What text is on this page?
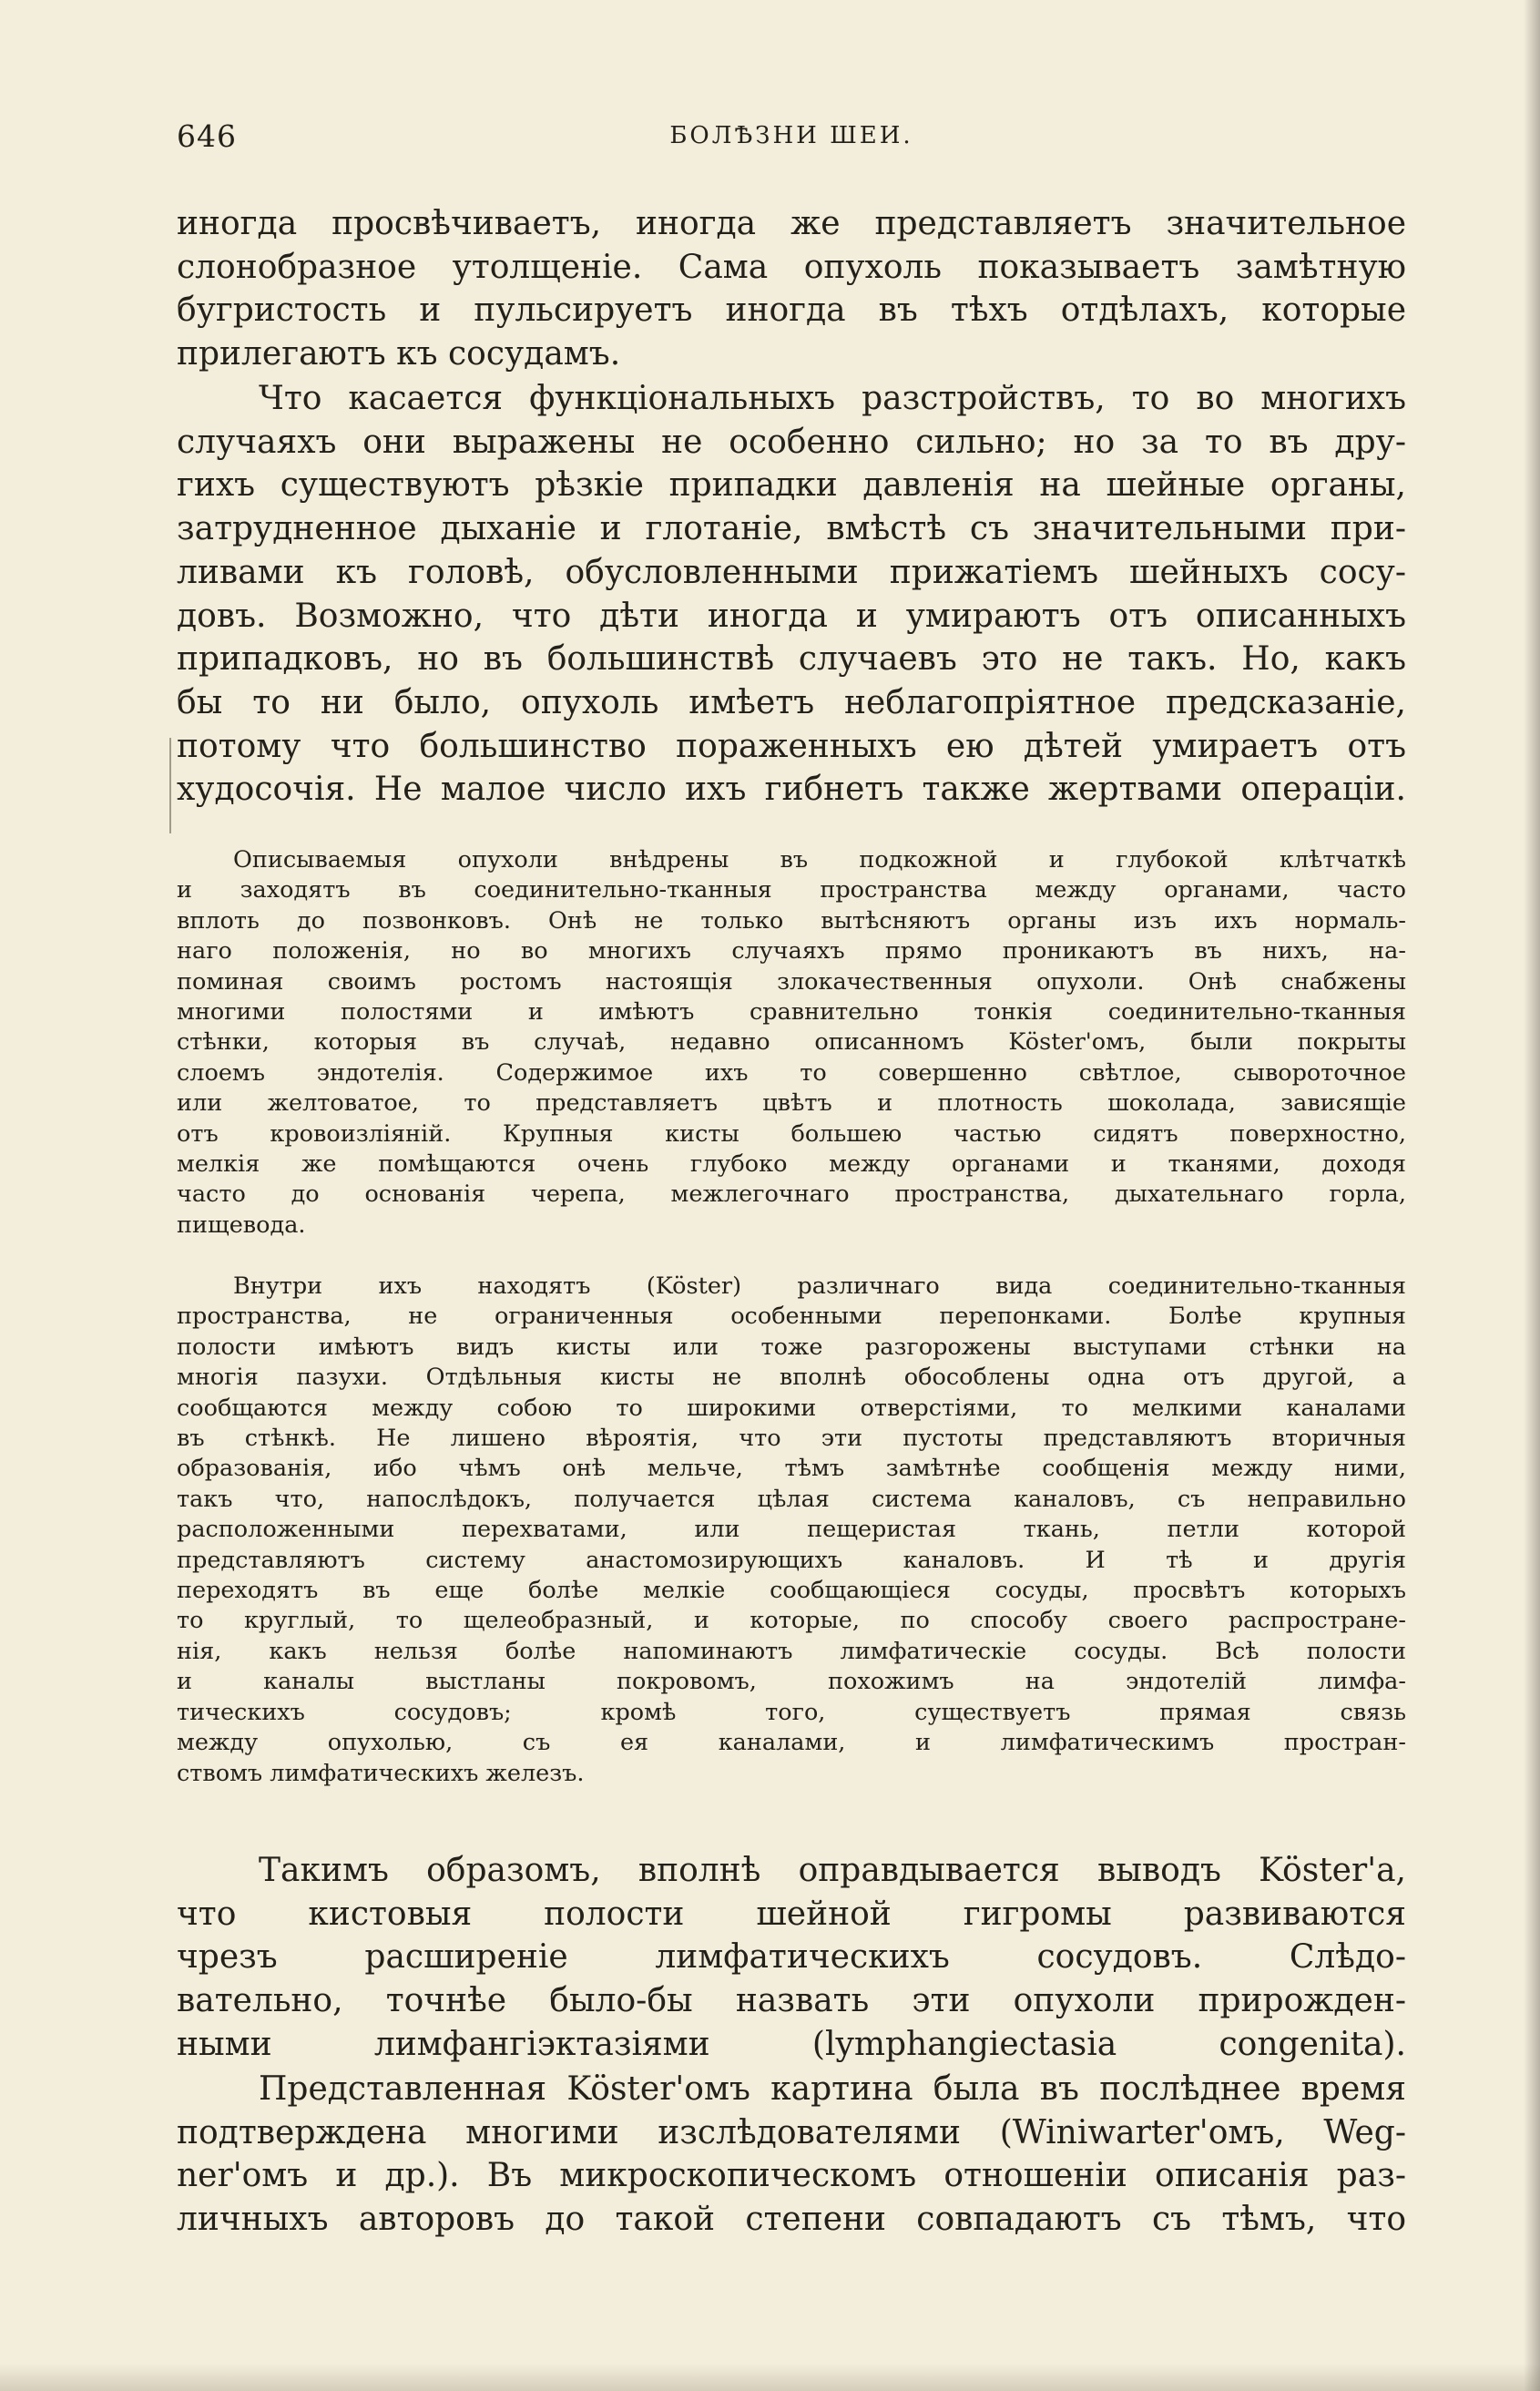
646	БОЛѢЗНИ ШЕИ.
иногда просвѣчиваетъ, иногда же представляетъ значительное
слонобразное утолщеніе. Сама опухоль показываетъ замѣтную
бугристость и пульсируетъ иногда въ тѣхъ отдѣлахъ, которые
прилегаютъ къ сосудамъ.
Что касается функціональныхъ разстройствъ, то во многихъ
случаяхъ они выражены не особенно сильно; но за то въ дру-
гихъ существуютъ рѣзкіе припадки давленія на шейные органы,
затрудненное дыханіе и глотаніе, вмѣстѣ съ значительными при-
ливами къ головѣ, обусловленными прижатіемъ шейныхъ сосу-
довъ. Возможно, что дѣти иногда и умираютъ отъ описанныхъ
припадковъ, но въ большинствѣ случаевъ это не такъ. Но, какъ
бы то ни было, опухоль имѣетъ неблагопріятное предсказаніе,
потому что большинство пораженныхъ ею дѣтей умираетъ отъ
худосочія. Не малое число ихъ гибнетъ также жертвами операціи.
Описываемыя опухоли внѣдрены въ подкожной и глубокой клѣтчаткѣ
и заходятъ въ соединительно-тканныя пространства между органами, часто
вплоть до позвонковъ. Онѣ не только вытѣсняютъ органы изъ ихъ нормаль-
наго положенія, но во многихъ случаяхъ прямо проникаютъ въ нихъ, на-
поминая своимъ ростомъ настоящія злокачественныя опухоли. Онѣ снабжены
многими полостями и имѣютъ сравнительно тонкія соединительно-тканныя
стѣнки, которыя въ случаѣ, недавно описанномъ Köster'омъ, были покрыты
слоемъ эндотелія. Содержимое ихъ то совершенно свѣтлое, сывороточное
или желтоватое, то представляетъ цвѣтъ и плотность шоколада, зависящіе
отъ кровоизліяній. Крупныя кисты большею частью сидятъ поверхностно,
мелкія же помѣщаются очень глубоко между органами и тканями, доходя
часто до основанія черепа, межлегочнаго пространства, дыхательнаго горла,
пищевода.
Внутри ихъ находятъ (Köster) различнаго вида соединительно-тканныя
пространства, не ограниченныя особенными перепонками. Болѣе крупныя
полости имѣютъ видъ кисты или тоже разгорожены выступами стѣнки на
многія пазухи. Отдѣльныя кисты не вполнѣ обособлены одна отъ другой, а
сообщаются между собою то широкими отверстіями, то мелкими каналами
въ стѣнкѣ. Не лишено вѣроятія, что эти пустоты представляютъ вторичныя
образованія, ибо чѣмъ онѣ мельче, тѣмъ замѣтнѣе сообщенія между ними,
такъ что, напослѣдокъ, получается цѣлая система каналовъ, съ неправильно
расположенными перехватами, или пещеристая ткань, петли которой
представляютъ систему анастомозирующихъ каналовъ. И тѣ и другія
переходятъ въ еще болѣе мелкіе сообщающіеся сосуды, просвѣтъ которыхъ
то круглый, то щелеобразный, и которые, по способу своего распростране-
нія, какъ нельзя болѣе напоминаютъ лимфатическіе сосуды. Всѣ полости
и каналы выстланы покровомъ, похожимъ на эндотелій лимфа-
тическихъ сосудовъ; кромѣ того, существуетъ прямая связь
между опухолью, съ ея каналами, и лимфатическимъ простран-
ствомъ лимфатическихъ железъ.
Такимъ образомъ, вполнѣ оправдывается выводъ Köster'а,
что кистовыя полости шейной гигромы развиваются
чрезъ расширеніе лимфатическихъ сосудовъ. Слѣдо-
вательно, точнѣе было-бы назвать эти опухоли прирожден-
ными лимфангіэктазіями (lymphangiectasia congenita).
Представленная Köster'омъ картина была въ послѣднее время
подтверждена многими изслѣдователями (Winiwarter'омъ, Weg-
ner'омъ и др.). Въ микроскопическомъ отношеніи описанія раз-
личныхъ авторовъ до такой степени совпадаютъ съ тѣмъ, что
